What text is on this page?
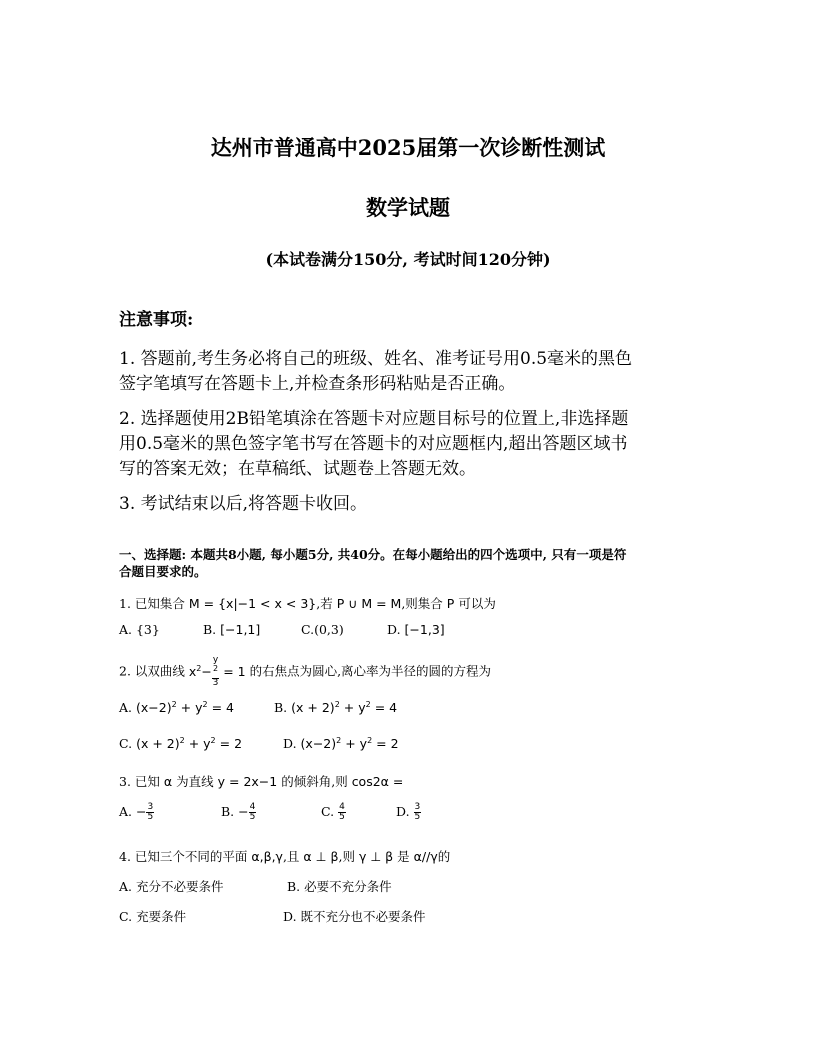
达州市普通高中2025届第一次诊断性测试
数学试题
(本试卷满分150分, 考试时间120分钟)
注意事项:
1. 答题前,考生务必将自己的班级、姓名、准考证号用0.5毫米的黑色
签字笔填写在答题卡上,并检查条形码粘贴是否正确。
2. 选择题使用2B铅笔填涂在答题卡对应题目标号的位置上,非选择题
用0.5毫米的黑色签字笔书写在答题卡的对应题框内,超出答题区域书
写的答案无效；在草稿纸、试题卷上答题无效。
3. 考试结束以后,将答题卡收回。
一、选择题: 本题共8小题, 每小题5分, 共40分。在每小题给出的四个选项中, 只有一项是符
合题目要求的。
1. 已知集合 M = {x|−1 < x < 3},若 P ∪ M = M,则集合 P 可以为
A. {3}	B. [−1,1]	C.(0,3)	D. [−1,3]
2. 以双曲线 $x^2- y$
$^2$
3 = 1 的右焦点为圆心,离心率为半径的圆的方程为
A. $(x-2)^2 + y^2 = 4$	B. $(x + 2)^2 + y^2 = 4$
C. $(x + 2)^2 + y^2 = 2$	D. $(x-2)^2 + y^2 = 2$
3. 已知 α 为直线 y = 2x−1 的倾斜角,则 cos2α =
A. − $\frac{3}{5}$	B. − $\frac{4}{5}$	C. $\frac{4}{5}$	D. $\frac{3}{5}$
4. 已知三个不同的平面 α,β,γ,且 α ⊥ β,则 γ ⊥ β 是 α//γ的
A. 充分不必要条件	B. 必要不充分条件
C. 充要条件	D. 既不充分也不必要条件
